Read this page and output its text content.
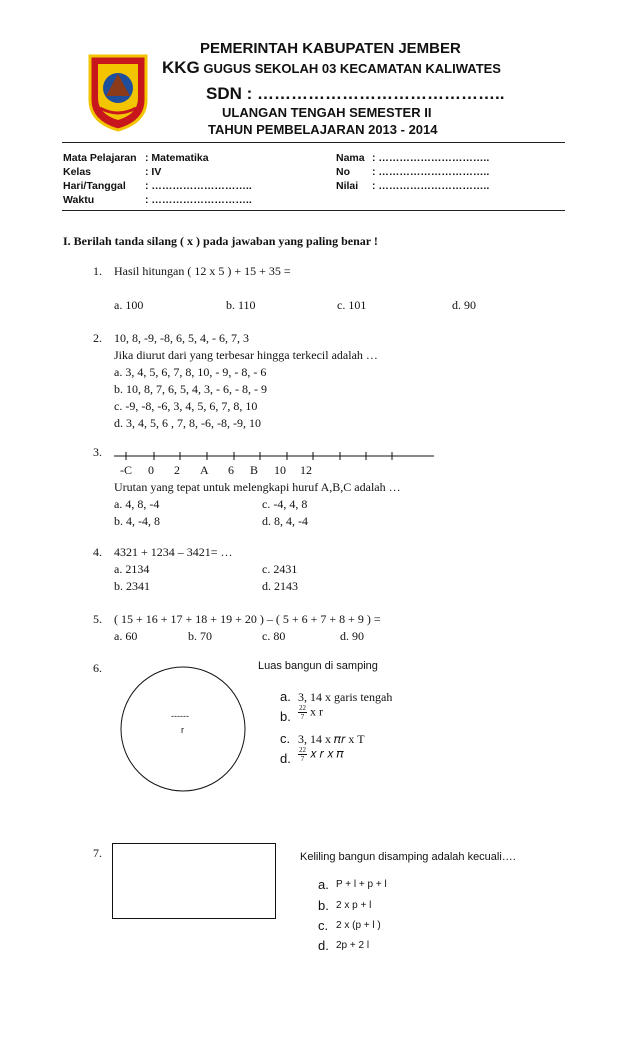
PEMERINTAH KABUPATEN JEMBER
KKG GUGUS SEKOLAH 03 KECAMATAN KALIWATES
SDN : ……………………………………..
ULANGAN TENGAH SEMESTER II
TAHUN PEMBELAJARAN 2013 - 2014
Mata Pelajaran : Matematika
Kelas	: IV
Hari/Tanggal : ………………………..
Waktu	: ………………………..
Nama : …………………………..
No : …………………………..
Nilai : …………………………..
I. Berilah tanda silang ( x ) pada jawaban yang paling benar !
1. Hasil hitungan ( 12 x 5 ) + 15 + 35 =
a. 100	b. 110	c. 101	d. 90
2. 10, 8, -9, -8, 6, 5, 4, - 6, 7, 3
Jika diurut dari yang terbesar hingga terkecil adalah …
a. 3, 4, 5, 6, 7, 8, 10, - 9, - 8, - 6
b. 10, 8, 7, 6, 5, 4, 3, - 6, - 8, - 9
c. -9, -8, -6, 3, 4, 5, 6, 7, 8, 10
d. 3, 4, 5, 6 , 7, 8, -6, -8, -9, 10
3.
-C 0 2 A 6 B 10 12
Urutan yang tepat untuk melengkapi huruf A,B,C adalah …
a. 4, 8, -4	c. -4, 4, 8
b. 4, -4, 8	d. 8, 4, -4
4. 4321 + 1234 – 3421= …
a. 2134	c. 2431
b. 2341	d. 2143
5. ( 15 + 16 + 17 + 18 + 19 + 20 ) – ( 5 + 6 + 7 + 8 + 9 ) =
a. 60	b. 70	c. 80	d. 90
6.	Luas bangun di samping
------
r
a. 3, 14 x garis tengah
b. $\frac{22}{7}$ x r
c. 3, 14 x 𝜋𝑟 x T
d. $\frac{22}{7}$ 𝑥 𝑟 𝑥 𝜋
7.	Keliling bangun disamping adalah kecuali….
a. P + l + p + l
b. 2 x p + l
c. 2 x (p + l )
d. 2p + 2 l
